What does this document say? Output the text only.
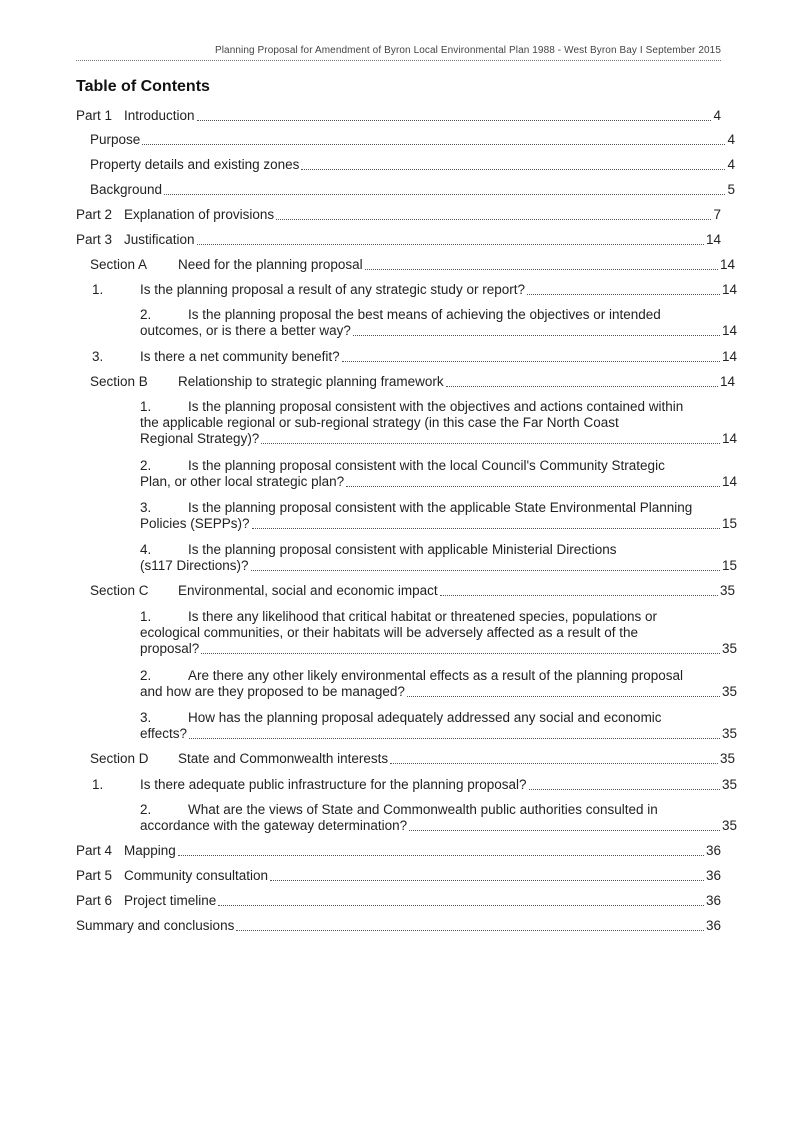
Planning Proposal for Amendment of Byron Local Environmental Plan 1988 - West Byron Bay I September 2015
Table of Contents
Part 1 Introduction	4
Purpose	4
Property details and existing zones	4
Background	5
Part 2 Explanation of provisions	7
Part 3 Justification	14
Section A	Need for the planning proposal	14
1.	Is the planning proposal a result of any strategic study or report?	14
2.	Is the planning proposal the best means of achieving the objectives or intended
outcomes, or is there a better way?	14
3.	Is there a net community benefit?	14
Section B	Relationship to strategic planning framework	14
1.	Is the planning proposal consistent with the objectives and actions contained within
the applicable regional or sub-regional strategy (in this case the Far North Coast
Regional Strategy)?	14
2.	Is the planning proposal consistent with the local Council's Community Strategic
Plan, or other local strategic plan?	14
3.	Is the planning proposal consistent with the applicable State Environmental Planning
Policies (SEPPs)?	15
4.	Is the planning proposal consistent with applicable Ministerial Directions
(s117 Directions)?	15
Section C	Environmental, social and economic impact	35
1.	Is there any likelihood that critical habitat or threatened species, populations or
ecological communities, or their habitats will be adversely affected as a result of the
proposal?	35
2.	Are there any other likely environmental effects as a result of the planning proposal
and how are they proposed to be managed?	35
3.	How has the planning proposal adequately addressed any social and economic
effects?	35
Section D	State and Commonwealth interests	35
1.	Is there adequate public infrastructure for the planning proposal?	35
2.	What are the views of State and Commonwealth public authorities consulted in
accordance with the gateway determination?	35
Part 4 Mapping	36
Part 5 Community consultation	36
Part 6 Project timeline	36
Summary and conclusions	36
